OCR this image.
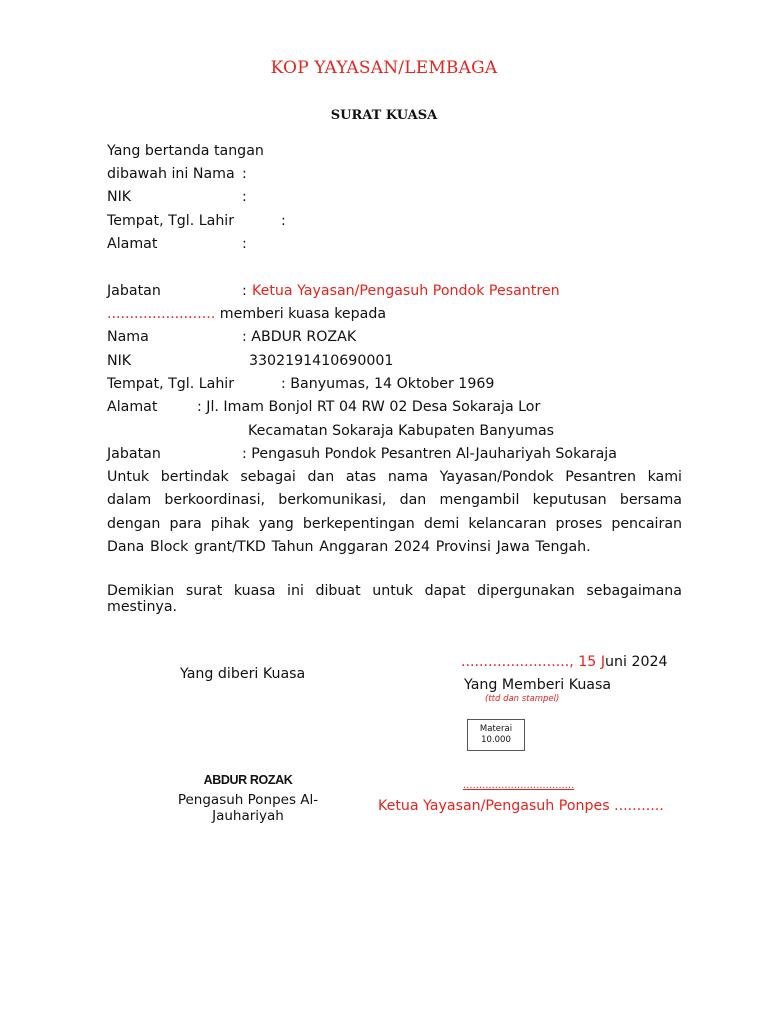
KOP YAYASAN/LEMBAGA
SURAT KUASA
Yang bertanda tangan
dibawah ini Nama :
NIK	:
Tempat, Tgl. Lahir	:
Alamat	:
Jabatan	: Ketua Yayasan/Pengasuh Pondok Pesantren
........................ memberi kuasa kepada
Nama	: ABDUR ROZAK
NIK	3302191410690001
Tempat, Tgl. Lahir	: Banyumas, 14 Oktober 1969
Alamat	: Jl. Imam Bonjol RT 04 RW 02 Desa Sokaraja Lor
Kecamatan Sokaraja Kabupaten Banyumas
Jabatan	: Pengasuh Pondok Pesantren Al-Jauhariyah Sokaraja
Untuk bertindak sebagai dan atas nama Yayasan/Pondok Pesantren kami dalam berkoordinasi, berkomunikasi, dan mengambil keputusan bersama dengan para pihak yang berkepentingan demi kelancaran proses pencairan Dana Block grant/TKD Tahun Anggaran 2024 Provinsi Jawa Tengah.
Demikian surat kuasa ini dibuat untuk dapat dipergunakan sebagaimana mestinya.
........................, 15 Juni 2024
Yang diberi Kuasa
Yang Memberi Kuasa
(ttd dan stampel)
Materai
10.000
ABDUR ROZAK
Pengasuh Ponpes Al-Jauhariyah
...................................
Ketua Yayasan/Pengasuh Ponpes ...........
